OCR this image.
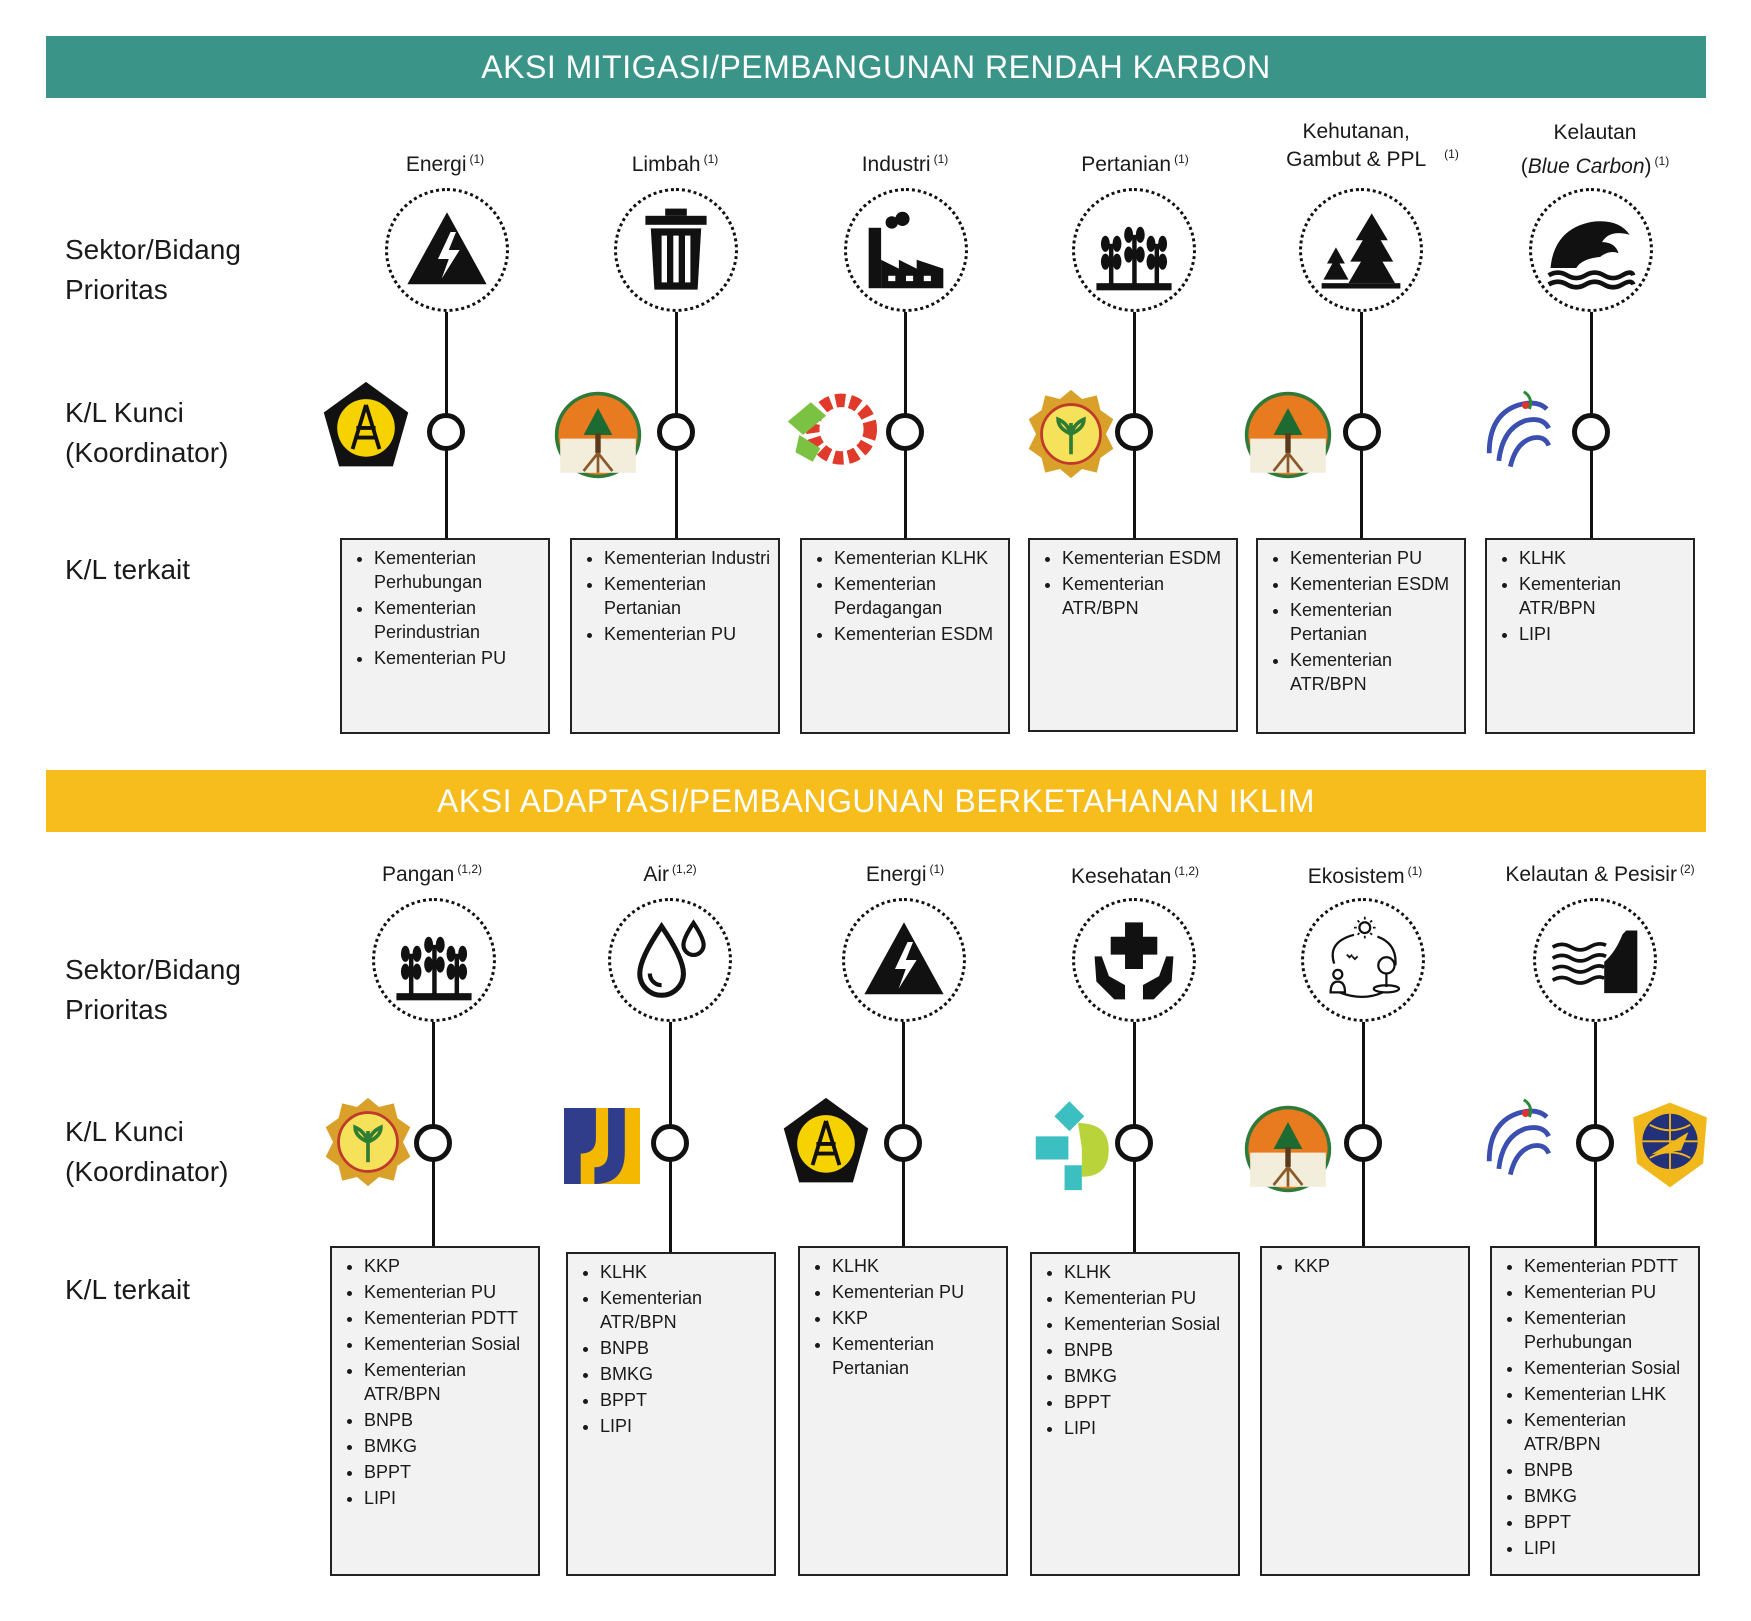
AKSI MITIGASI/PEMBANGUNAN RENDAH KARBON
Sektor/Bidang Prioritas
K/L Kunci (Koordinator)
K/L terkait
Energi $^{(1)}$
• Kementerian Perhubungan
• Kementerian Perindustrian
• Kementerian PU
Limbah $^{(1)}$
• Kementerian Industri
• Kementerian Pertanian
• Kementerian PU
Industri $^{(1)}$
• Kementerian KLHK
• Kementerian Perdagangan
• Kementerian ESDM
Pertanian $^{(1)}$
• Kementerian ESDM
• Kementerian ATR/BPN
Kehutanan, Gambut & PPL $^{(1)}$
• Kementerian PU
• Kementerian ESDM
• Kementerian Pertanian
• Kementerian ATR/BPN
Kelautan
(Blue Carbon) $^{(1)}$
• KLHK
• Kementerian ATR/BPN
• LIPI
AKSI ADAPTASI/PEMBANGUNAN BERKETAHANAN IKLIM
Sektor/Bidang Prioritas
K/L Kunci (Koordinator)
K/L terkait
Pangan $^{(1,2)}$
• KKP
• Kementerian PU
• Kementerian PDTT
• Kementerian Sosial
• Kementerian ATR/BPN
• BNPB
• BMKG
• BPPT
• LIPI
Air $^{(1,2)}$
• KLHK
• Kementerian ATR/BPN
• BNPB
• BMKG
• BPPT
• LIPI
Energi $^{(1)}$
• KLHK
• Kementerian PU
• KKP
• Kementerian Pertanian
Kesehatan $^{(1,2)}$
• KLHK
• Kementerian PU
• Kementerian Sosial
• BNPB
• BMKG
• BPPT
• LIPI
Ekosistem $^{(1)}$
• KKP
Kelautan & Pesisir $^{(2)}$
• Kementerian PDTT
• Kementerian PU
• Kementerian Perhubungan
• Kementerian Sosial
• Kementerian LHK
• Kementerian ATR/BPN
• BNPB
• BMKG
• BPPT
• LIPI
